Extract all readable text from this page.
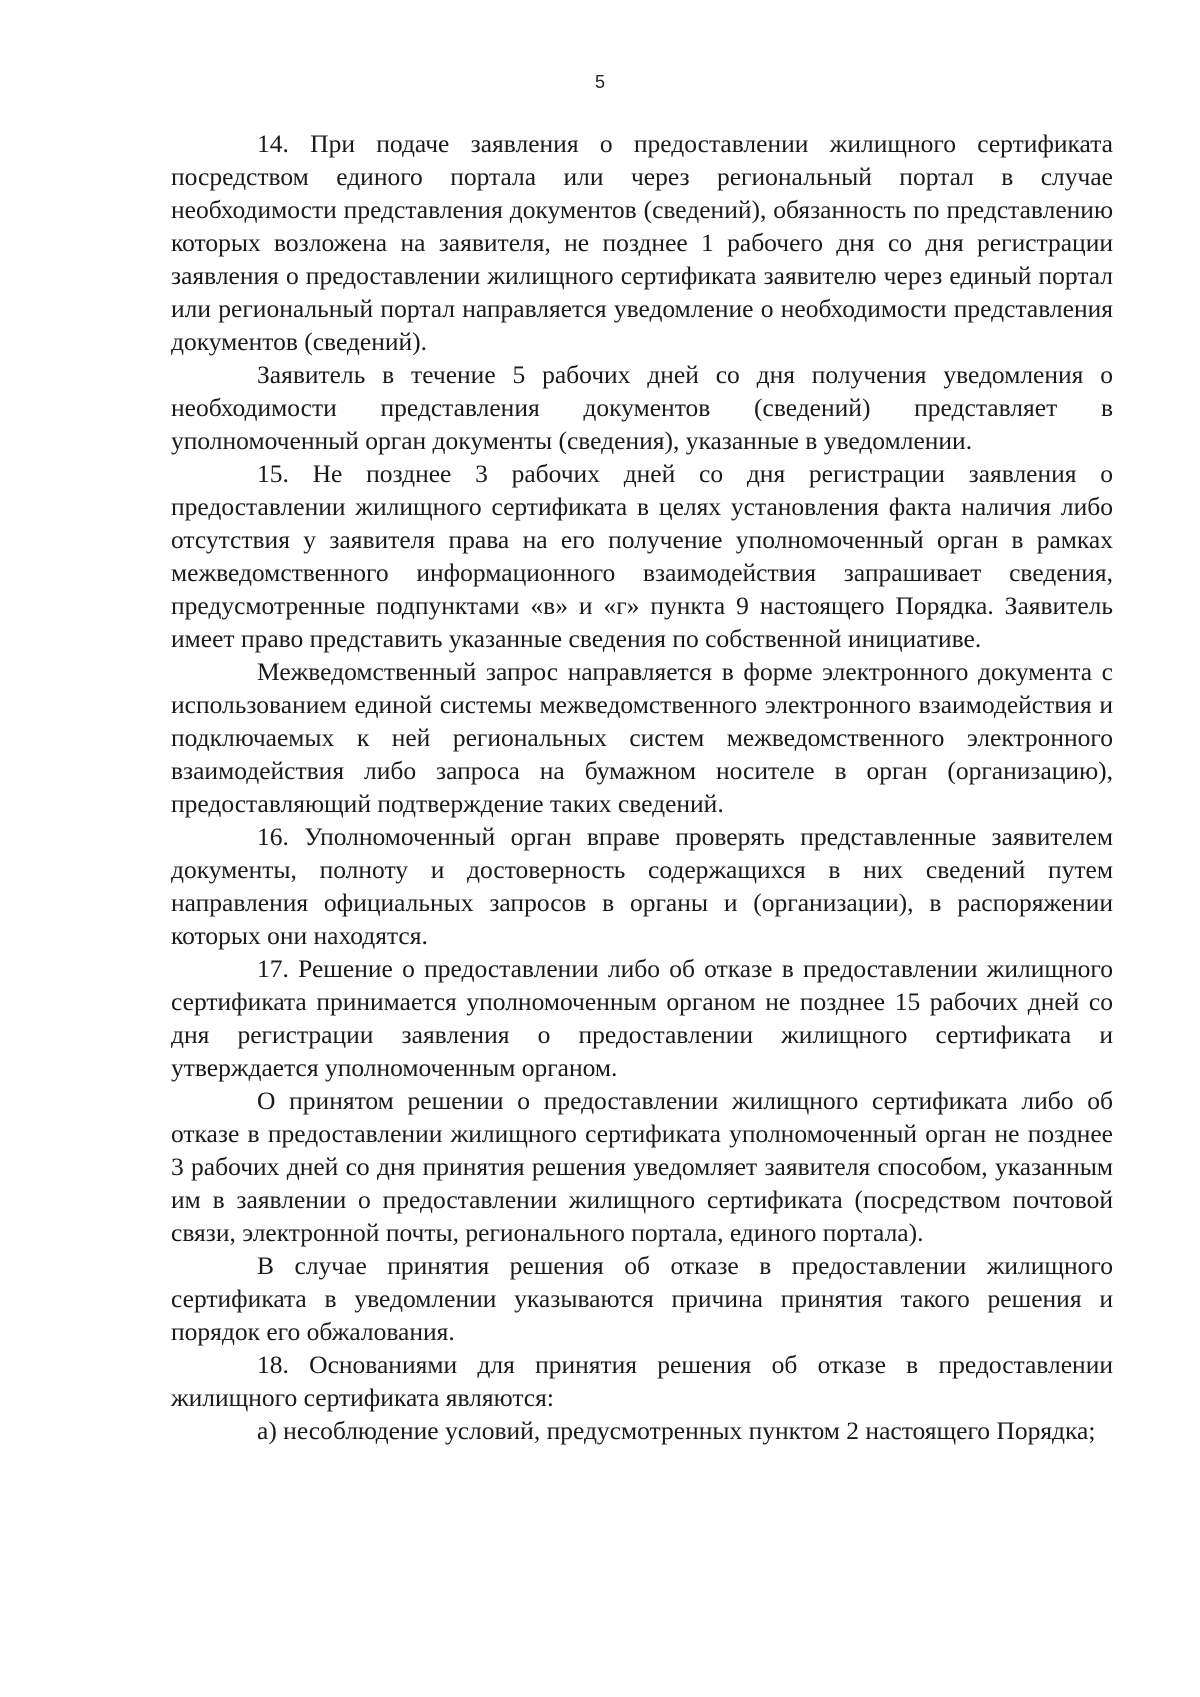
5

14. При подаче заявления о предоставлении жилищного сертификата посредством единого портала или через региональный портал в случае необходимости представления документов (сведений), обязанность по представлению которых возложена на заявителя, не позднее 1 рабочего дня со дня регистрации заявления о предоставлении жилищного сертификата заявителю через единый портал или региональный портал направляется уведомление о необходимости представления документов (сведений).

Заявитель в течение 5 рабочих дней со дня получения уведомления о необходимости представления документов (сведений) представляет в уполномоченный орган документы (сведения), указанные в уведомлении.

15. Не позднее 3 рабочих дней со дня регистрации заявления о предоставлении жилищного сертификата в целях установления факта наличия либо отсутствия у заявителя права на его получение уполномоченный орган в рамках межведомственного информационного взаимодействия запрашивает сведения, предусмотренные подпунктами «в» и «г» пункта 9 настоящего Порядка. Заявитель имеет право представить указанные сведения по собственной инициативе.

Межведомственный запрос направляется в форме электронного документа с использованием единой системы межведомственного электронного взаимодействия и подключаемых к ней региональных систем межведомственного электронного взаимодействия либо запроса на бумажном носителе в орган (организацию), предоставляющий подтверждение таких сведений.

16. Уполномоченный орган вправе проверять представленные заявителем документы, полноту и достоверность содержащихся в них сведений путем направления официальных запросов в органы и (организации), в распоряжении которых они находятся.

17. Решение о предоставлении либо об отказе в предоставлении жилищного сертификата принимается уполномоченным органом не позднее 15 рабочих дней со дня регистрации заявления о предоставлении жилищного сертификата и утверждается уполномоченным органом.

О принятом решении о предоставлении жилищного сертификата либо об отказе в предоставлении жилищного сертификата уполномоченный орган не позднее 3 рабочих дней со дня принятия решения уведомляет заявителя способом, указанным им в заявлении о предоставлении жилищного сертификата (посредством почтовой связи, электронной почты, регионального портала, единого портала).

В случае принятия решения об отказе в предоставлении жилищного сертификата в уведомлении указываются причина принятия такого решения и порядок его обжалования.

18. Основаниями для принятия решения об отказе в предоставлении жилищного сертификата являются:

а) несоблюдение условий, предусмотренных пунктом 2 настоящего Порядка;
